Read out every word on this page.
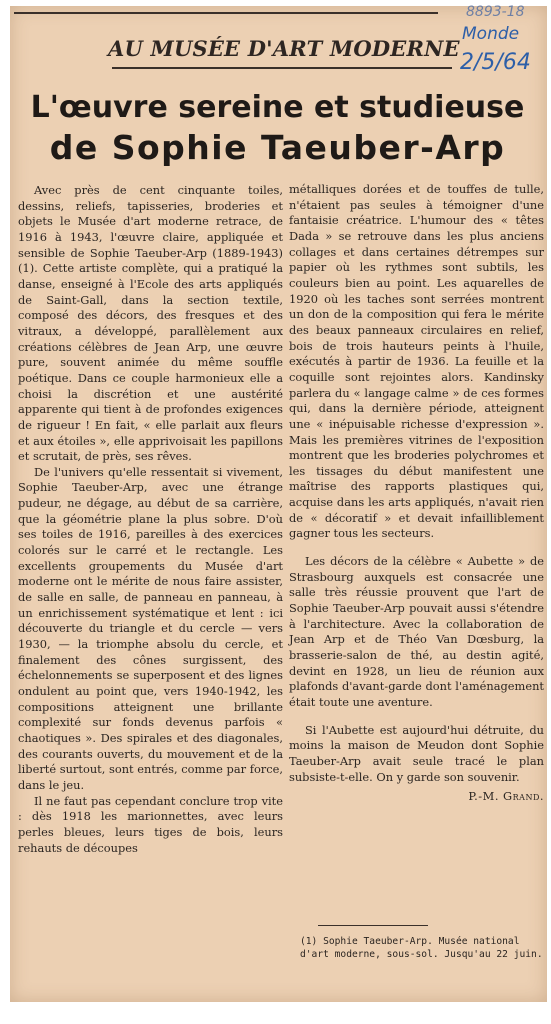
8893-18
Monde
2/5/64
AU MUSÉE D'ART MODERNE
L'œuvre sereine et studieuse
de Sophie Taeuber-Arp

Avec près de cent cinquante toiles, dessins, reliefs, tapisseries, broderies et objets le Musée d'art moderne retrace, de 1916 à 1943, l'œuvre claire, appliquée et sensible de Sophie Taeuber-Arp (1889-1943) (1). Cette artiste complète, qui a pratiqué la danse, enseigné à l'Ecole des arts appliqués de Saint-Gall, dans la section textile, composé des décors, des fresques et des vitraux, a développé, parallèlement aux créations célèbres de Jean Arp, une œuvre pure, souvent animée du même souffle poétique. Dans ce couple harmonieux elle a choisi la discrétion et une austérité apparente qui tient à de profondes exigences de rigueur ! En fait, « elle parlait aux fleurs et aux étoiles », elle apprivoisait les papillons et scrutait, de près, ses rêves.

De l'univers qu'elle ressentait si vivement, Sophie Taeuber-Arp, avec une étrange pudeur, ne dégage, au début de sa carrière, que la géométrie plane la plus sobre. D'où ses toiles de 1916, pareilles à des exercices colorés sur le carré et le rectangle. Les excellents groupements du Musée d'art moderne ont le mérite de nous faire assister, de salle en salle, de panneau en panneau, à un enrichissement systématique et lent : ici découverte du triangle et du cercle — vers 1930, — la triomphe absolu du cercle, et finalement des cônes surgissent, des échelonnements se superposent et des lignes ondulent au point que, vers 1940-1942, les compositions atteignent une brillante complexité sur fonds devenus parfois « chaotiques ». Des spirales et des diagonales, des courants ouverts, du mouvement et de la liberté surtout, sont entrés, comme par force, dans le jeu.

Il ne faut pas cependant conclure trop vite : dès 1918 les marionnettes, avec leurs perles bleues, leurs tiges de bois, leurs rehauts de découpes

métalliques dorées et de touffes de tulle, n'étaient pas seules à témoigner d'une fantaisie créatrice. L'humour des « têtes Dada » se retrouve dans les plus anciens collages et dans certaines détrempes sur papier où les rythmes sont subtils, les couleurs bien au point. Les aquarelles de 1920 où les taches sont serrées montrent un don de la composition qui fera le mérite des beaux panneaux circulaires en relief, bois de trois hauteurs peints à l'huile, exécutés à partir de 1936. La feuille et la coquille sont rejointes alors. Kandinsky parlera du « langage calme » de ces formes qui, dans la dernière période, atteignent une « inépuisable richesse d'expression ». Mais les premières vitrines de l'exposition montrent que les broderies polychromes et les tissages du début manifestent une maîtrise des rapports plastiques qui, acquise dans les arts appliqués, n'avait rien de « décoratif » et devait infailliblement gagner tous les secteurs.

Les décors de la célèbre « Aubette » de Strasbourg auxquels est consacrée une salle très réussie prouvent que l'art de Sophie Taeuber-Arp pouvait aussi s'étendre à l'architecture. Avec la collaboration de Jean Arp et de Théo Van Dœsburg, la brasserie-salon de thé, au destin agité, devint en 1928, un lieu de réunion aux plafonds d'avant-garde dont l'aménagement était toute une aventure.

Si l'Aubette est aujourd'hui détruite, du moins la maison de Meudon dont Sophie Taeuber-Arp avait seule tracé le plan subsiste-t-elle. On y garde son souvenir.

P.-M. Grand.
(1) Sophie Taeuber-Arp. Musée national d'art moderne, sous-sol. Jusqu'au 22 juin.
